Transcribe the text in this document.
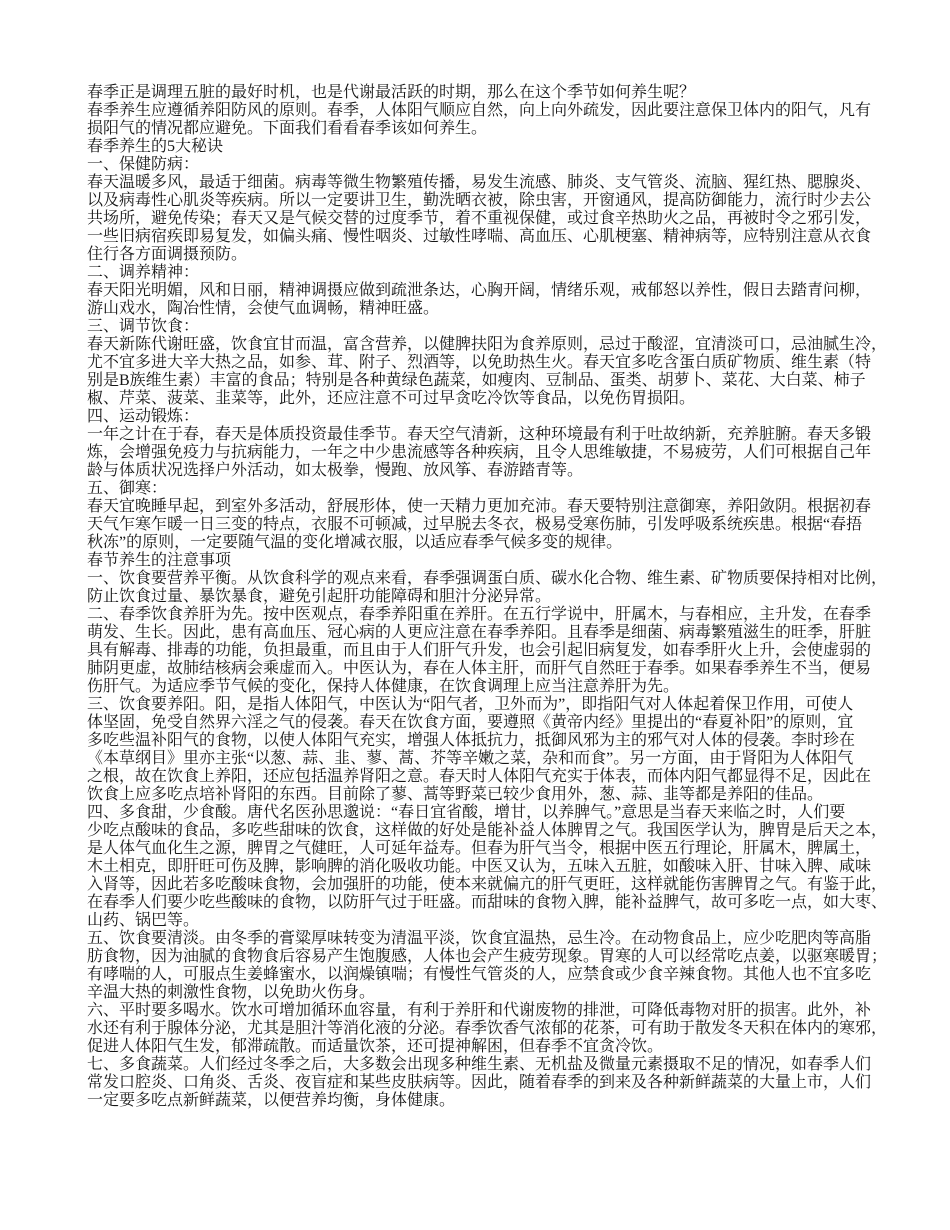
春季正是调理五脏的最好时机，也是代谢最活跃的时期，那么在这个季节如何养生呢？
春季养生应遵循养阳防风的原则。春季，人体阳气顺应自然，向上向外疏发，因此要注意保卫体内的阳气，凡有
损阳气的情况都应避免。下面我们看看春季该如何养生。
春季养生的5大秘诀
一、保健防病：
春天温暖多风，最适于细菌。病毒等微生物繁殖传播，易发生流感、肺炎、支气管炎、流脑、猩红热、腮腺炎、
以及病毒性心肌炎等疾病。所以一定要讲卫生，勤洗晒衣被，除虫害，开窗通风，提高防御能力，流行时少去公
共场所，避免传染；春天又是气候交替的过度季节，着不重视保健，或过食辛热助火之品，再被时令之邪引发，
一些旧病宿疾即易复发，如偏头痛、慢性咽炎、过敏性哮喘、高血压、心肌梗塞、精神病等，应特别注意从衣食
住行各方面调摄预防。
二、调养精神：
春天阳光明媚，风和日丽，精神调摄应做到疏泄条达，心胸开阔，情绪乐观，戒郁怒以养性，假日去踏青问柳，
游山戏水，陶冶性情，会使气血调畅，精神旺盛。
三、调节饮食：
春天新陈代谢旺盛，饮食宜甘而温，富含营养，以健脾扶阳为食养原则，忌过于酸涩，宜清淡可口，忌油腻生冷，
尤不宜多进大辛大热之品，如参、茸、附子、烈酒等，以免助热生火。春天宜多吃含蛋白质矿物质、维生素（特
别是B族维生素）丰富的食品；特别是各种黄绿色蔬菜，如瘦肉、豆制品、蛋类、胡萝卜、菜花、大白菜、柿子
椒、芹菜、菠菜、韭菜等，此外，还应注意不可过早贪吃冷饮等食品，以免伤胃损阳。
四、运动锻炼：
一年之计在于春，春天是体质投资最佳季节。春天空气清新，这种环境最有利于吐故纳新，充养脏腑。春天多锻
炼，会增强免疫力与抗病能力，一年之中少患流感等各种疾病，且令人思维敏捷，不易疲劳，人们可根据自己年
龄与体质状况选择户外活动，如太极拳，慢跑、放风筝、春游踏青等。
五、御寒：
春天宜晚睡早起，到室外多活动，舒展形体，使一天精力更加充沛。春天要特别注意御寒，养阳敛阴。根据初春
天气乍寒乍暖一日三变的特点，衣服不可顿减，过早脱去冬衣，极易受寒伤肺，引发呼吸系统疾患。根据“春捂
秋冻”的原则，一定要随气温的变化增减衣服，以适应春季气候多变的规律。
春节养生的注意事项
一、饮食要营养平衡。从饮食科学的观点来看，春季强调蛋白质、碳水化合物、维生素、矿物质要保持相对比例，
防止饮食过量、暴饮暴食，避免引起肝功能障碍和胆汁分泌异常。
二、春季饮食养肝为先。按中医观点，春季养阳重在养肝。在五行学说中，肝属木，与春相应，主升发，在春季
萌发、生长。因此，患有高血压、冠心病的人更应注意在春季养阳。且春季是细菌、病毒繁殖滋生的旺季，肝脏
具有解毒、排毒的功能，负担最重，而且由于人们肝气升发，也会引起旧病复发，如春季肝火上升，会使虚弱的
肺阴更虚，故肺结核病会乘虚而入。中医认为，春在人体主肝，而肝气自然旺于春季。如果春季养生不当，便易
伤肝气。为适应季节气候的变化，保持人体健康，在饮食调理上应当注意养肝为先。
三、饮食要养阳。阳，是指人体阳气，中医认为“阳气者，卫外而为”，即指阳气对人体起着保卫作用，可使人
体坚固，免受自然界六淫之气的侵袭。春天在饮食方面，要遵照《黄帝内经》里提出的“春夏补阳”的原则，宜
多吃些温补阳气的食物，以使人体阳气充实，增强人体抵抗力，抵御风邪为主的邪气对人体的侵袭。李时珍在
《本草纲目》里亦主张“以葱、蒜、韭、蓼、蒿、芥等辛嫩之菜，杂和而食”。另一方面，由于肾阳为人体阳气
之根，故在饮食上养阳，还应包括温养肾阳之意。春天时人体阳气充实于体表，而体内阳气都显得不足，因此在
饮食上应多吃点培补肾阳的东西。目前除了蓼、蒿等野菜已较少食用外，葱、蒜、韭等都是养阳的佳品。
四、多食甜，少食酸。唐代名医孙思邈说：“春日宜省酸，增甘，以养脾气。”意思是当春天来临之时，人们要
少吃点酸味的食品，多吃些甜味的饮食，这样做的好处是能补益人体脾胃之气。我国医学认为，脾胃是后天之本，
是人体气血化生之源，脾胃之气健旺，人可延年益寿。但春为肝气当令，根据中医五行理论，肝属木，脾属土，
木土相克，即肝旺可伤及脾，影响脾的消化吸收功能。中医又认为，五味入五脏，如酸味入肝、甘味入脾、咸味
入肾等，因此若多吃酸味食物，会加强肝的功能，使本来就偏亢的肝气更旺，这样就能伤害脾胃之气。有鉴于此，
在春季人们要少吃些酸味的食物，以防肝气过于旺盛。而甜味的食物入脾，能补益脾气，故可多吃一点，如大枣、
山药、锅巴等。
五、饮食要清淡。由冬季的膏粱厚味转变为清温平淡，饮食宜温热，忌生冷。在动物食品上，应少吃肥肉等高脂
肪食物，因为油腻的食物食后容易产生饱腹感，人体也会产生疲劳现象。胃寒的人可以经常吃点姜，以驱寒暖胃；
有哮喘的人，可服点生姜蜂蜜水，以润燥镇喘；有慢性气管炎的人，应禁食或少食辛辣食物。其他人也不宜多吃
辛温大热的刺激性食物，以免助火伤身。
六、平时要多喝水。饮水可增加循环血容量，有利于养肝和代谢废物的排泄，可降低毒物对肝的损害。此外，补
水还有利于腺体分泌，尤其是胆汁等消化液的分泌。春季饮香气浓郁的花茶，可有助于散发冬天积在体内的寒邪，
促进人体阳气生发，郁滞疏散。而适量饮茶，还可提神解困，但春季不宜贪冷饮。
七、多食蔬菜。人们经过冬季之后，大多数会出现多种维生素、无机盐及微量元素摄取不足的情况，如春季人们
常发口腔炎、口角炎、舌炎、夜盲症和某些皮肤病等。因此，随着春季的到来及各种新鲜蔬菜的大量上市，人们
一定要多吃点新鲜蔬菜，以便营养均衡，身体健康。
